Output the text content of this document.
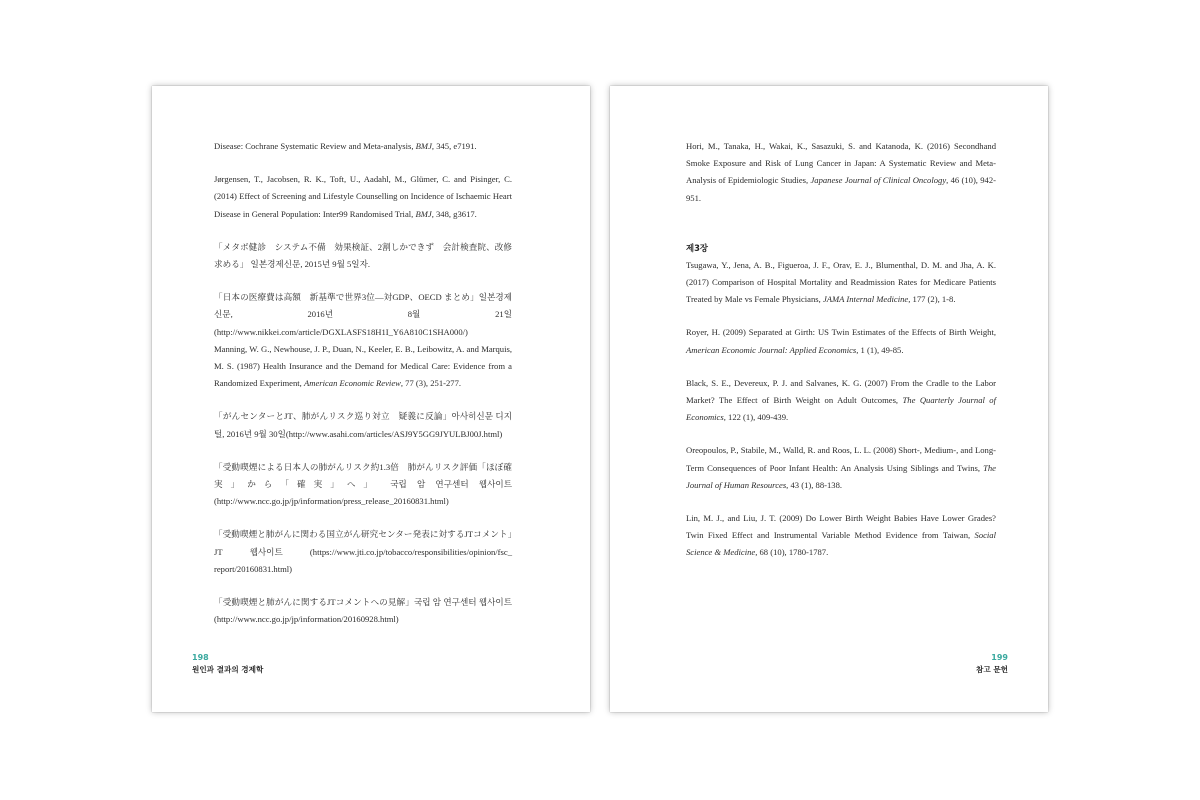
Disease: Cochrane Systematic Review and Meta-analysis, BMJ, 345, e7191.

Jørgensen, T., Jacobsen, R. K., Toft, U., Aadahl, M., Glümer, C. and Pisinger, C. (2014) Effect of Screening and Lifestyle Counselling on Incidence of Ischaemic Heart Disease in General Population: Inter99 Randomised Trial, BMJ, 348, g3617.

「メタボ健診　システム不備　効果検証、2割しかできず　会計検査院、改修求める」 일본경제신문, 2015년 9월 5일자.

「日本の医療費は高額　新基準で世界3位―対GDP、OECD まとめ」일본경제신문, 2016년 8월 21일(http://www.nikkei.com/article/DGXLASFS18H1I_Y6A810C1SHA000/)

Manning, W. G., Newhouse, J. P., Duan, N., Keeler, E. B., Leibowitz, A. and Marquis, M. S. (1987) Health Insurance and the Demand for Medical Care: Evidence from a Randomized Experiment, American Economic Review, 77 (3), 251-277.

「がんセンターとJT、肺がんリスク巡り対立　疑義に反論」아사히신문 디지털, 2016년 9월 30일(http://www.asahi.com/articles/ASJ9Y5GG9JYULBJ00J.html)

「受動喫煙による日本人の肺がんリスク約1.3倍　肺がんリスク評価「ほぼ確実」から「確実」へ」 국립 암 연구센터 웹사이트 (http://www.ncc.go.jp/jp/information/press_release_20160831.html)

「受動喫煙と肺がんに関わる国立がん研究センター発表に対するJTコメント」JT 웹사이트 (https://www.jti.co.jp/tobacco/responsibilities/opinion/fsc_ report/20160831.html)

「受動喫煙と肺がんに関するJTコメントへの見解」국립 암 연구센터 웹사이트 (http://www.ncc.go.jp/jp/information/20160928.html)

198
원인과 결과의 경제학

Hori, M., Tanaka, H., Wakai, K., Sasazuki, S. and Katanoda, K. (2016) Secondhand Smoke Exposure and Risk of Lung Cancer in Japan: A Systematic Review and Meta-Analysis of Epidemiologic Studies, Japanese Journal of Clinical Oncology, 46 (10), 942-951.

제3장

Tsugawa, Y., Jena, A. B., Figueroa, J. F., Orav, E. J., Blumenthal, D. M. and Jha, A. K. (2017) Comparison of Hospital Mortality and Readmission Rates for Medicare Patients Treated by Male vs Female Physicians, JAMA Internal Medicine, 177 (2), 1-8.

Royer, H. (2009) Separated at Girth: US Twin Estimates of the Effects of Birth Weight, American Economic Journal: Applied Economics, 1 (1), 49-85.

Black, S. E., Devereux, P. J. and Salvanes, K. G. (2007) From the Cradle to the Labor Market? The Effect of Birth Weight on Adult Outcomes, The Quarterly Journal of Economics, 122 (1), 409-439.

Oreopoulos, P., Stabile, M., Walld, R. and Roos, L. L. (2008) Short-, Medium-, and Long-Term Consequences of Poor Infant Health: An Analysis Using Siblings and Twins, The Journal of Human Resources, 43 (1), 88-138.

Lin, M. J., and Liu, J. T. (2009) Do Lower Birth Weight Babies Have Lower Grades? Twin Fixed Effect and Instrumental Variable Method Evidence from Taiwan, Social Science & Medicine, 68 (10), 1780-1787.

199
참고 문헌
